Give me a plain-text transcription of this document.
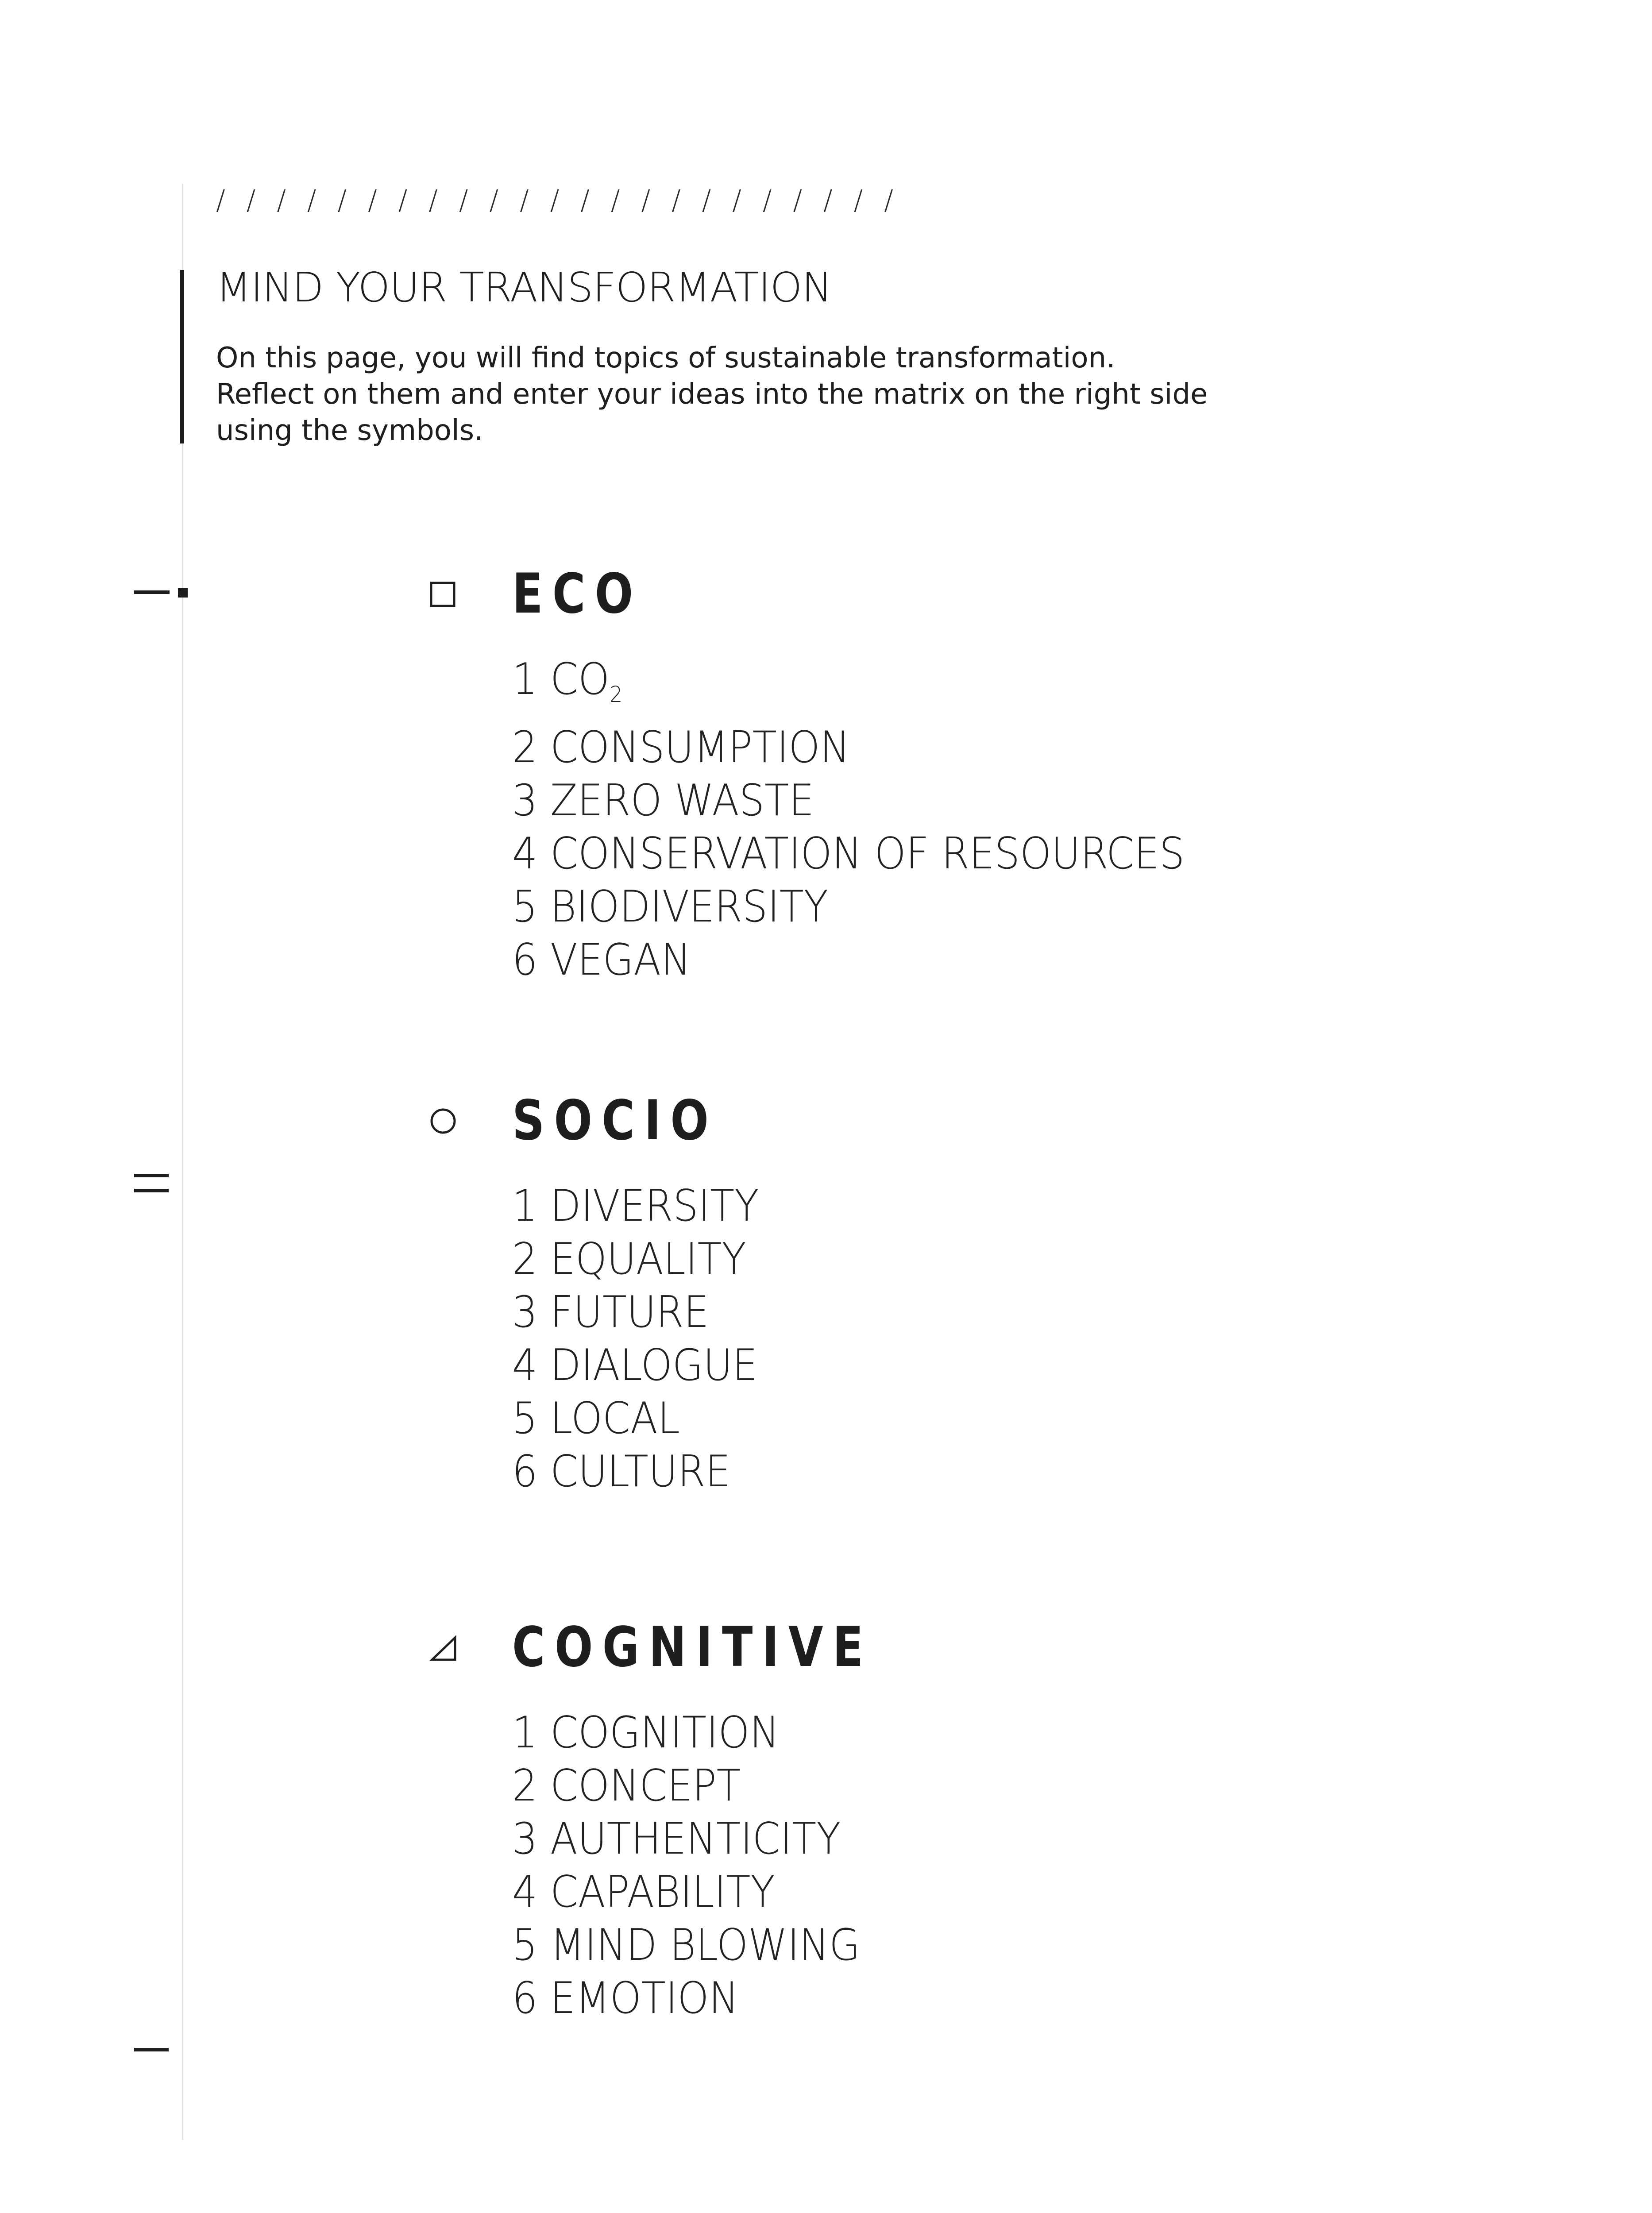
/ / / / / / / / / / / / / / / / / / / / / / /
MIND YOUR TRANSFORMATION
On this page, you will find topics of sustainable transformation. Reflect on them and enter your ideas into the matrix on the right side using the symbols.
ECO
1 $CO_2$
2 CONSUMPTION
3 ZERO WASTE
4 CONSERVATION OF RESOURCES
5 BIODIVERSITY
6 VEGAN
SOCIO
1 DIVERSITY
2 EQUALITY
3 FUTURE
4 DIALOGUE
5 LOCAL
6 CULTURE
COGNITIVE
1 COGNITION
2 CONCEPT
3 AUTHENTICITY
4 CAPABILITY
5 MIND BLOWING
6 EMOTION
